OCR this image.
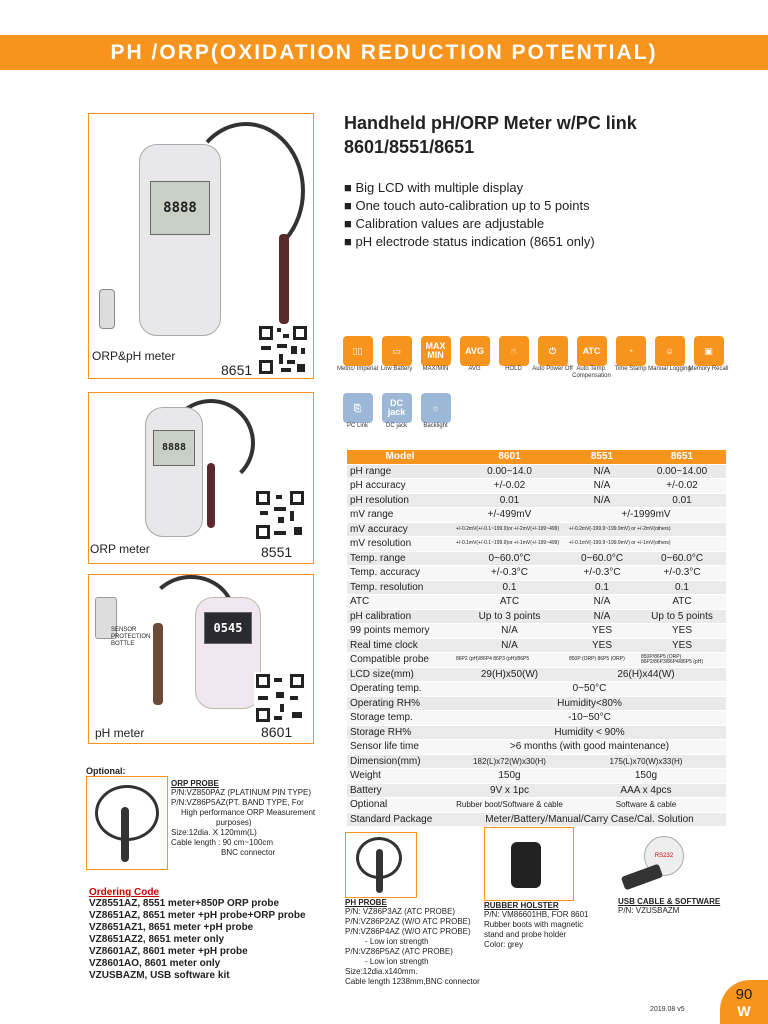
PH /ORP(OXIDATION REDUCTION POTENTIAL)
8888
ORP&pH meter
8651
8888
ORP meter	8551
SENSOR PROTECTION BOTTLE
0545
pH meter	8601
Handheld pH/ORP Meter w/PC link
8601/8551/8651
■ Big LCD with multiple display
■ One touch auto-calibration up to 5 points
■ Calibration values are adjustable
■ pH electrode status indication (8651 only)
▯▯
Metric/ Imperial
▭
Low Battery
MAX MIN
MAX/MIN
AVG
AVG
☝
HOLD
⏻
Auto Power Off
ATC
Auto Temp. Compensation
◔
Time Stamp
☺
Manual Logging
▣
Memory Recall
⎘
PC Link
DC jack
DC jack
☼
Backlight
Model	8601	8551	8651
pH range	0.00~14.0	N/A	0.00~14.00
pH accuracy	+/-0.02	N/A	+/-0.02
pH resolution	0.01	N/A	0.01
mV range	+/-499mV	+/-1999mV	
mV accuracy	+/-0.2mV(+/-0.1~199.9)or +/-2mV(+/-199~499)	+/-0.2mV(-199.9~199.9mV) or +/-2mV(others)	
mV resolution	+/-0.1mV(+/-0.1~199.9)or +/-1mV(+/-199~499)	+/-0.1mV(-199.9~199.9mV) or +/-1mV(others)	
Temp. range	0~60.0°C	0~60.0°C	0~60.0°C
Temp. accuracy	+/-0.3°C	+/-0.3°C	+/-0.3°C
Temp. resolution	0.1	0.1	0.1
ATC	ATC	N/A	ATC
pH calibration	Up to 3 points	N/A	Up to 5 points
99 points memory	N/A	YES	YES
Real time clock	N/A	YES	YES
Compatible probe	86P2 (pH)/86P4 86P3 (pH)/86P5	850P (ORP) 86P5 (ORP)	850P/86P5 (ORP) 86P2/86P3/86P4/86P5 (pH)
LCD size(mm)	29(H)x50(W)	26(H)x44(W)	
Operating temp.	0~50°C		
Operating RH%	Humidity<80%		
Storage temp.	-10~50°C		
Storage RH%	Humidity < 90%		
Sensor life time	>6 months (with good maintenance)		
Dimension(mm)	182(L)x72(W)x30(H)	175(L)x70(W)x33(H)	
Weight	150g	150g	
Battery	9V x 1pc	AAA x 4pcs	
Optional	Rubber boot/Software & cable	Software & cable	
Standard Package	Meter/Battery/Manual/Carry Case/Cal. Solution		
Optional:
ORP PROBE
P/N:VZ850PAZ (PLATINUM PIN TYPE)
P/N:VZ86P5AZ(PT. BAND TYPE, For
High performance ORP Measurement
purposes)
Size:12dia. X 120mm(L)
Cable length : 90 cm~100cm
BNC connector
Ordering Code
VZ8551AZ, 8551 meter+850P ORP probe
VZ8651AZ, 8651 meter +pH probe+ORP probe
VZ8651AZ1, 8651 meter +pH probe
VZ8651AZ2, 8651 meter only
VZ8601AZ, 8601 meter +pH probe
VZ8601AO, 8601 meter only
VZUSBAZM, USB software kit
PH PROBE
P/N: VZ86P3AZ (ATC PROBE)
P/N:VZ86P2AZ (W/O ATC PROBE)
P/N:VZ86P4AZ (W/O ATC PROBE)
- Low ion strength
P/N:VZ86P5AZ (ATC PROBE)
- Low ion strength
Size:12dia.x140mm.
Cable length 1238mm,BNC connector
RUBBER HOLSTER
P/N: VM86601HB, FOR 8601
Rubber boots with magnetic
stand and probe holder
Color: grey
RS232
USB CABLE & SOFTWARE
P/N: VZUSBAZM
2019.08 v5
90
W
